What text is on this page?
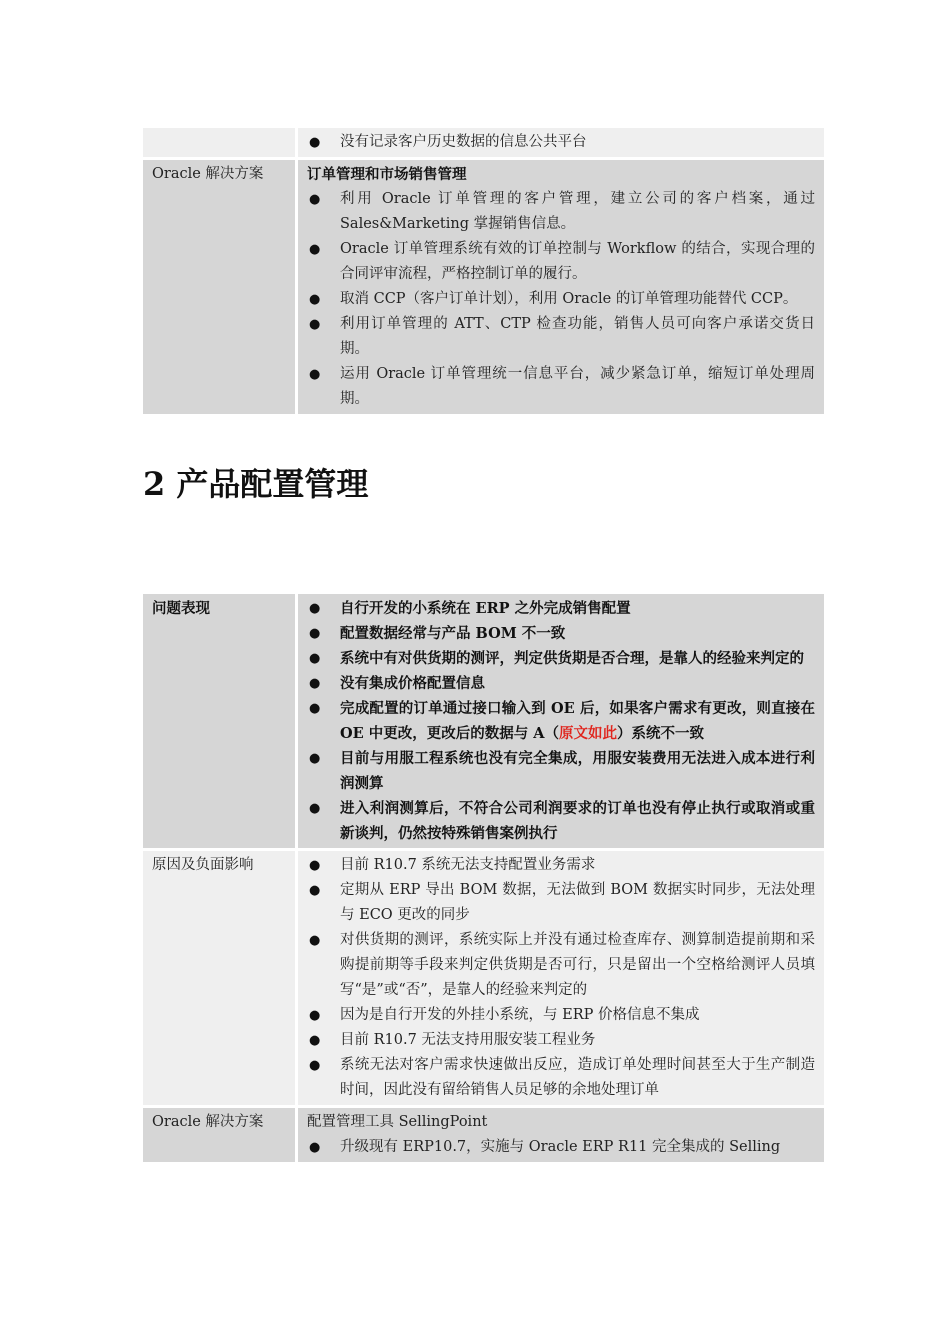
● 没有记录客户历史数据的信息公共平台
Oracle 解决方案	订单管理和市场销售管理
● 利用 Oracle 订单管理的客户管理，建立公司的客户档案，通过 Sales&Marketing 掌握销售信息。
● Oracle 订单管理系统有效的订单控制与 Workflow 的结合，实现合理的合同评审流程，严格控制订单的履行。
● 取消 CCP（客户订单计划），利用 Oracle 的订单管理功能替代 CCP。
● 利用订单管理的 ATT、CTP 检查功能，销售人员可向客户承诺交货日期。
● 运用 Oracle 订单管理统一信息平台，减少紧急订单，缩短订单处理周期。
2 产品配置管理
问题表现	● 自行开发的小系统在 ERP 之外完成销售配置
● 配置数据经常与产品 BOM 不一致
● 系统中有对供货期的测评，判定供货期是否合理，是靠人的经验来判定的
● 没有集成价格配置信息
● 完成配置的订单通过接口输入到 OE 后，如果客户需求有更改，则直接在 OE 中更改，更改后的数据与 A（原文如此）系统不一致
● 目前与用服工程系统也没有完全集成，用服安装费用无法进入成本进行利润测算
● 进入利润测算后，不符合公司利润要求的订单也没有停止执行或取消或重新谈判，仍然按特殊销售案例执行
原因及负面影响	● 目前 R10.7 系统无法支持配置业务需求
● 定期从 ERP 导出 BOM 数据，无法做到 BOM 数据实时同步，无法处理与 ECO 更改的同步
● 对供货期的测评，系统实际上并没有通过检查库存、测算制造提前期和采购提前期等手段来判定供货期是否可行，只是留出一个空格给测评人员填写“是”或“否”，是靠人的经验来判定的
● 因为是自行开发的外挂小系统，与 ERP 价格信息不集成
● 目前 R10.7 无法支持用服安装工程业务
● 系统无法对客户需求快速做出反应，造成订单处理时间甚至大于生产制造时间，因此没有留给销售人员足够的余地处理订单
Oracle 解决方案	配置管理工具 SellingPoint
● 升级现有 ERP10.7，实施与 Oracle ERP R11 完全集成的 Selling
